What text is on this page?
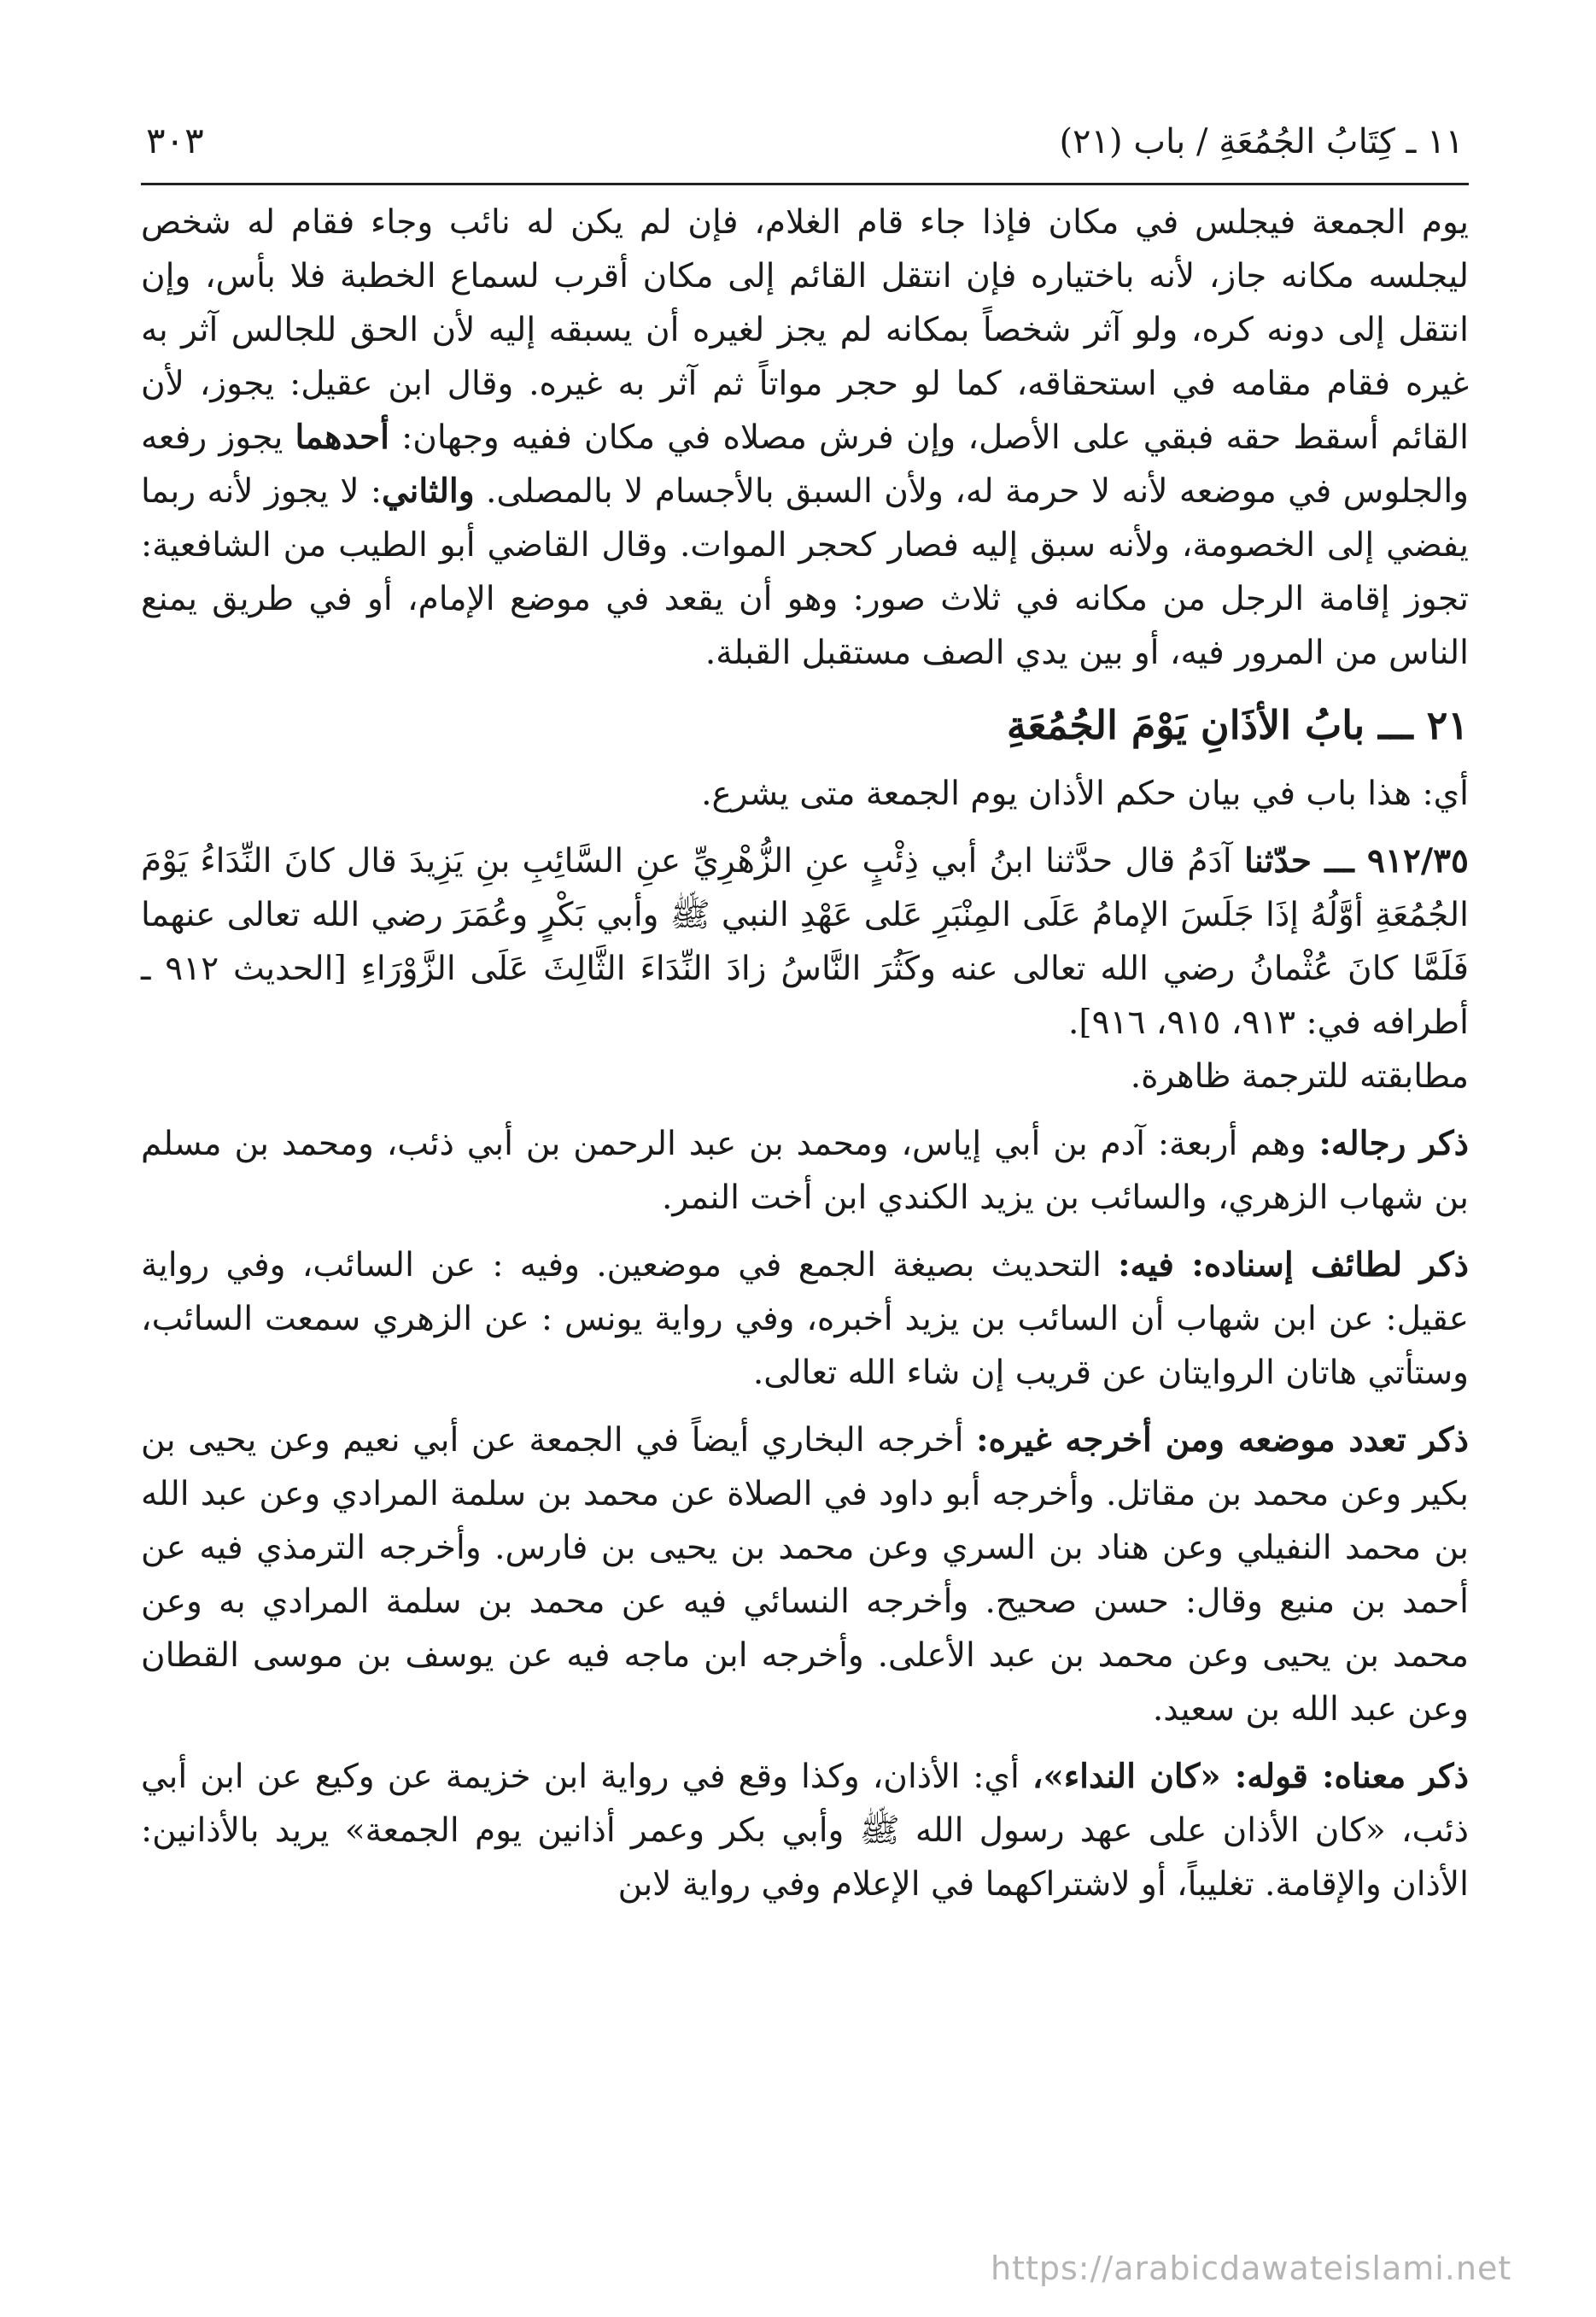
١١ ـ كِتَابُ الجُمُعَةِ / باب (٢١)
٣٠٣

يوم الجمعة فيجلس في مكان فإذا جاء قام الغلام، فإن لم يكن له نائب وجاء فقام له شخص ليجلسه مكانه جاز، لأنه باختياره فإن انتقل القائم إلى مكان أقرب لسماع الخطبة فلا بأس، وإن انتقل إلى دونه كره، ولو آثر شخصاً بمكانه لم يجز لغيره أن يسبقه إليه لأن الحق للجالس آثر به غيره فقام مقامه في استحقاقه، كما لو حجر مواتاً ثم آثر به غيره. وقال ابن عقيل: يجوز، لأن القائم أسقط حقه فبقي على الأصل، وإن فرش مصلاه في مكان ففيه وجهان: أحدهما يجوز رفعه والجلوس في موضعه لأنه لا حرمة له، ولأن السبق بالأجسام لا بالمصلى. والثاني: لا يجوز لأنه ربما يفضي إلى الخصومة، ولأنه سبق إليه فصار كحجر الموات. وقال القاضي أبو الطيب من الشافعية: تجوز إقامة الرجل من مكانه في ثلاث صور: وهو أن يقعد في موضع الإمام، أو في طريق يمنع الناس من المرور فيه، أو بين يدي الصف مستقبل القبلة.

٢١ ـــ بابُ الأذَانِ يَوْمَ الجُمُعَةِ

أي: هذا باب في بيان حكم الأذان يوم الجمعة متى يشرع.

٩١٢/٣٥ ـــ حدّثنا آدَمُ قال حدَّثنا ابنُ أبي ذِئْبٍ عنِ الزُّهْرِيِّ عنِ السَّائِبِ بنِ يَزِيدَ قال كانَ النِّدَاءُ يَوْمَ الجُمُعَةِ أوَّلُهُ إذَا جَلَسَ الإمامُ عَلَى المِنْبَرِ عَلى عَهْدِ النبي ﷺ وأبي بَكْرٍ وعُمَرَ رضي الله تعالى عنهما فَلَمَّا كانَ عُثْمانُ رضي الله تعالى عنه وكَثُرَ النَّاسُ زادَ النِّدَاءَ الثَّالِثَ عَلَى الزَّوْرَاءِ [الحديث ٩١٢ ـ أطرافه في: ٩١٣، ٩١٥، ٩١٦].

مطابقته للترجمة ظاهرة.

ذكر رجاله: وهم أربعة: آدم بن أبي إياس، ومحمد بن عبد الرحمن بن أبي ذئب، ومحمد بن مسلم بن شهاب الزهري، والسائب بن يزيد الكندي ابن أخت النمر.

ذكر لطائف إسناده: فيه: التحديث بصيغة الجمع في موضعين. وفيه : عن السائب، وفي رواية عقيل: عن ابن شهاب أن السائب بن يزيد أخبره، وفي رواية يونس : عن الزهري سمعت السائب، وستأتي هاتان الروايتان عن قريب إن شاء الله تعالى.

ذكر تعدد موضعه ومن أخرجه غيره: أخرجه البخاري أيضاً في الجمعة عن أبي نعيم وعن يحيى بن بكير وعن محمد بن مقاتل. وأخرجه أبو داود في الصلاة عن محمد بن سلمة المرادي وعن عبد الله بن محمد النفيلي وعن هناد بن السري وعن محمد بن يحيى بن فارس. وأخرجه الترمذي فيه عن أحمد بن منيع وقال: حسن صحيح. وأخرجه النسائي فيه عن محمد بن سلمة المرادي به وعن محمد بن يحيى وعن محمد بن عبد الأعلى. وأخرجه ابن ماجه فيه عن يوسف بن موسى القطان وعن عبد الله بن سعيد.

ذكر معناه: قوله: «كان النداء»، أي: الأذان، وكذا وقع في رواية ابن خزيمة عن وكيع عن ابن أبي ذئب، «كان الأذان على عهد رسول الله ﷺ وأبي بكر وعمر أذانين يوم الجمعة» يريد بالأذانين: الأذان والإقامة. تغليباً، أو لاشتراكهما في الإعلام وفي رواية لابن

https://arabicdawateislami.net
